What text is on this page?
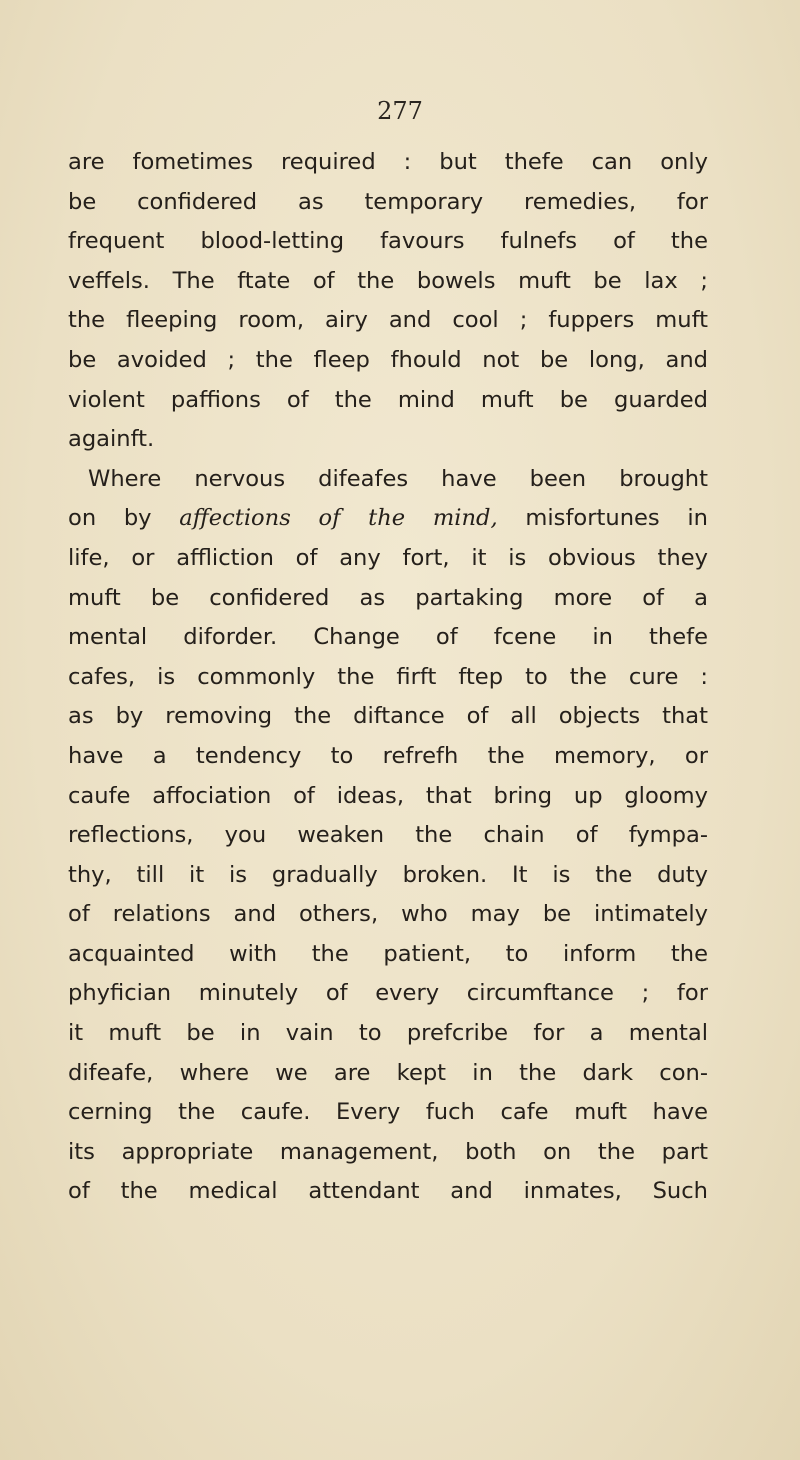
277
are fometimes required : but thefe can only
be confidered as temporary remedies, for
frequent blood-letting favours fulnefs of the
veffels. The ftate of the bowels muft be lax ;
the fleeping room, airy and cool ; fuppers muft
be avoided ; the fleep fhould not be long, and
violent paffions of the mind muft be guarded
againft.
Where nervous difeafes have been brought
on by affections of the mind, misfortunes in
life, or affliction of any fort, it is obvious they
muft be confidered as partaking more of a
mental diforder. Change of fcene in thefe
cafes, is commonly the firft ftep to the cure :
as by removing the diftance of all objects that
have a tendency to refrefh the memory, or
caufe affociation of ideas, that bring up gloomy
reflections, you weaken the chain of fympa-
thy, till it is gradually broken. It is the duty
of relations and others, who may be intimately
acquainted with the patient, to inform the
phyfician minutely of every circumftance ; for
it muft be in vain to prefcribe for a mental
difeafe, where we are kept in the dark con-
cerning the caufe. Every fuch cafe muft have
its appropriate management, both on the part
of the medical attendant and inmates, Such
